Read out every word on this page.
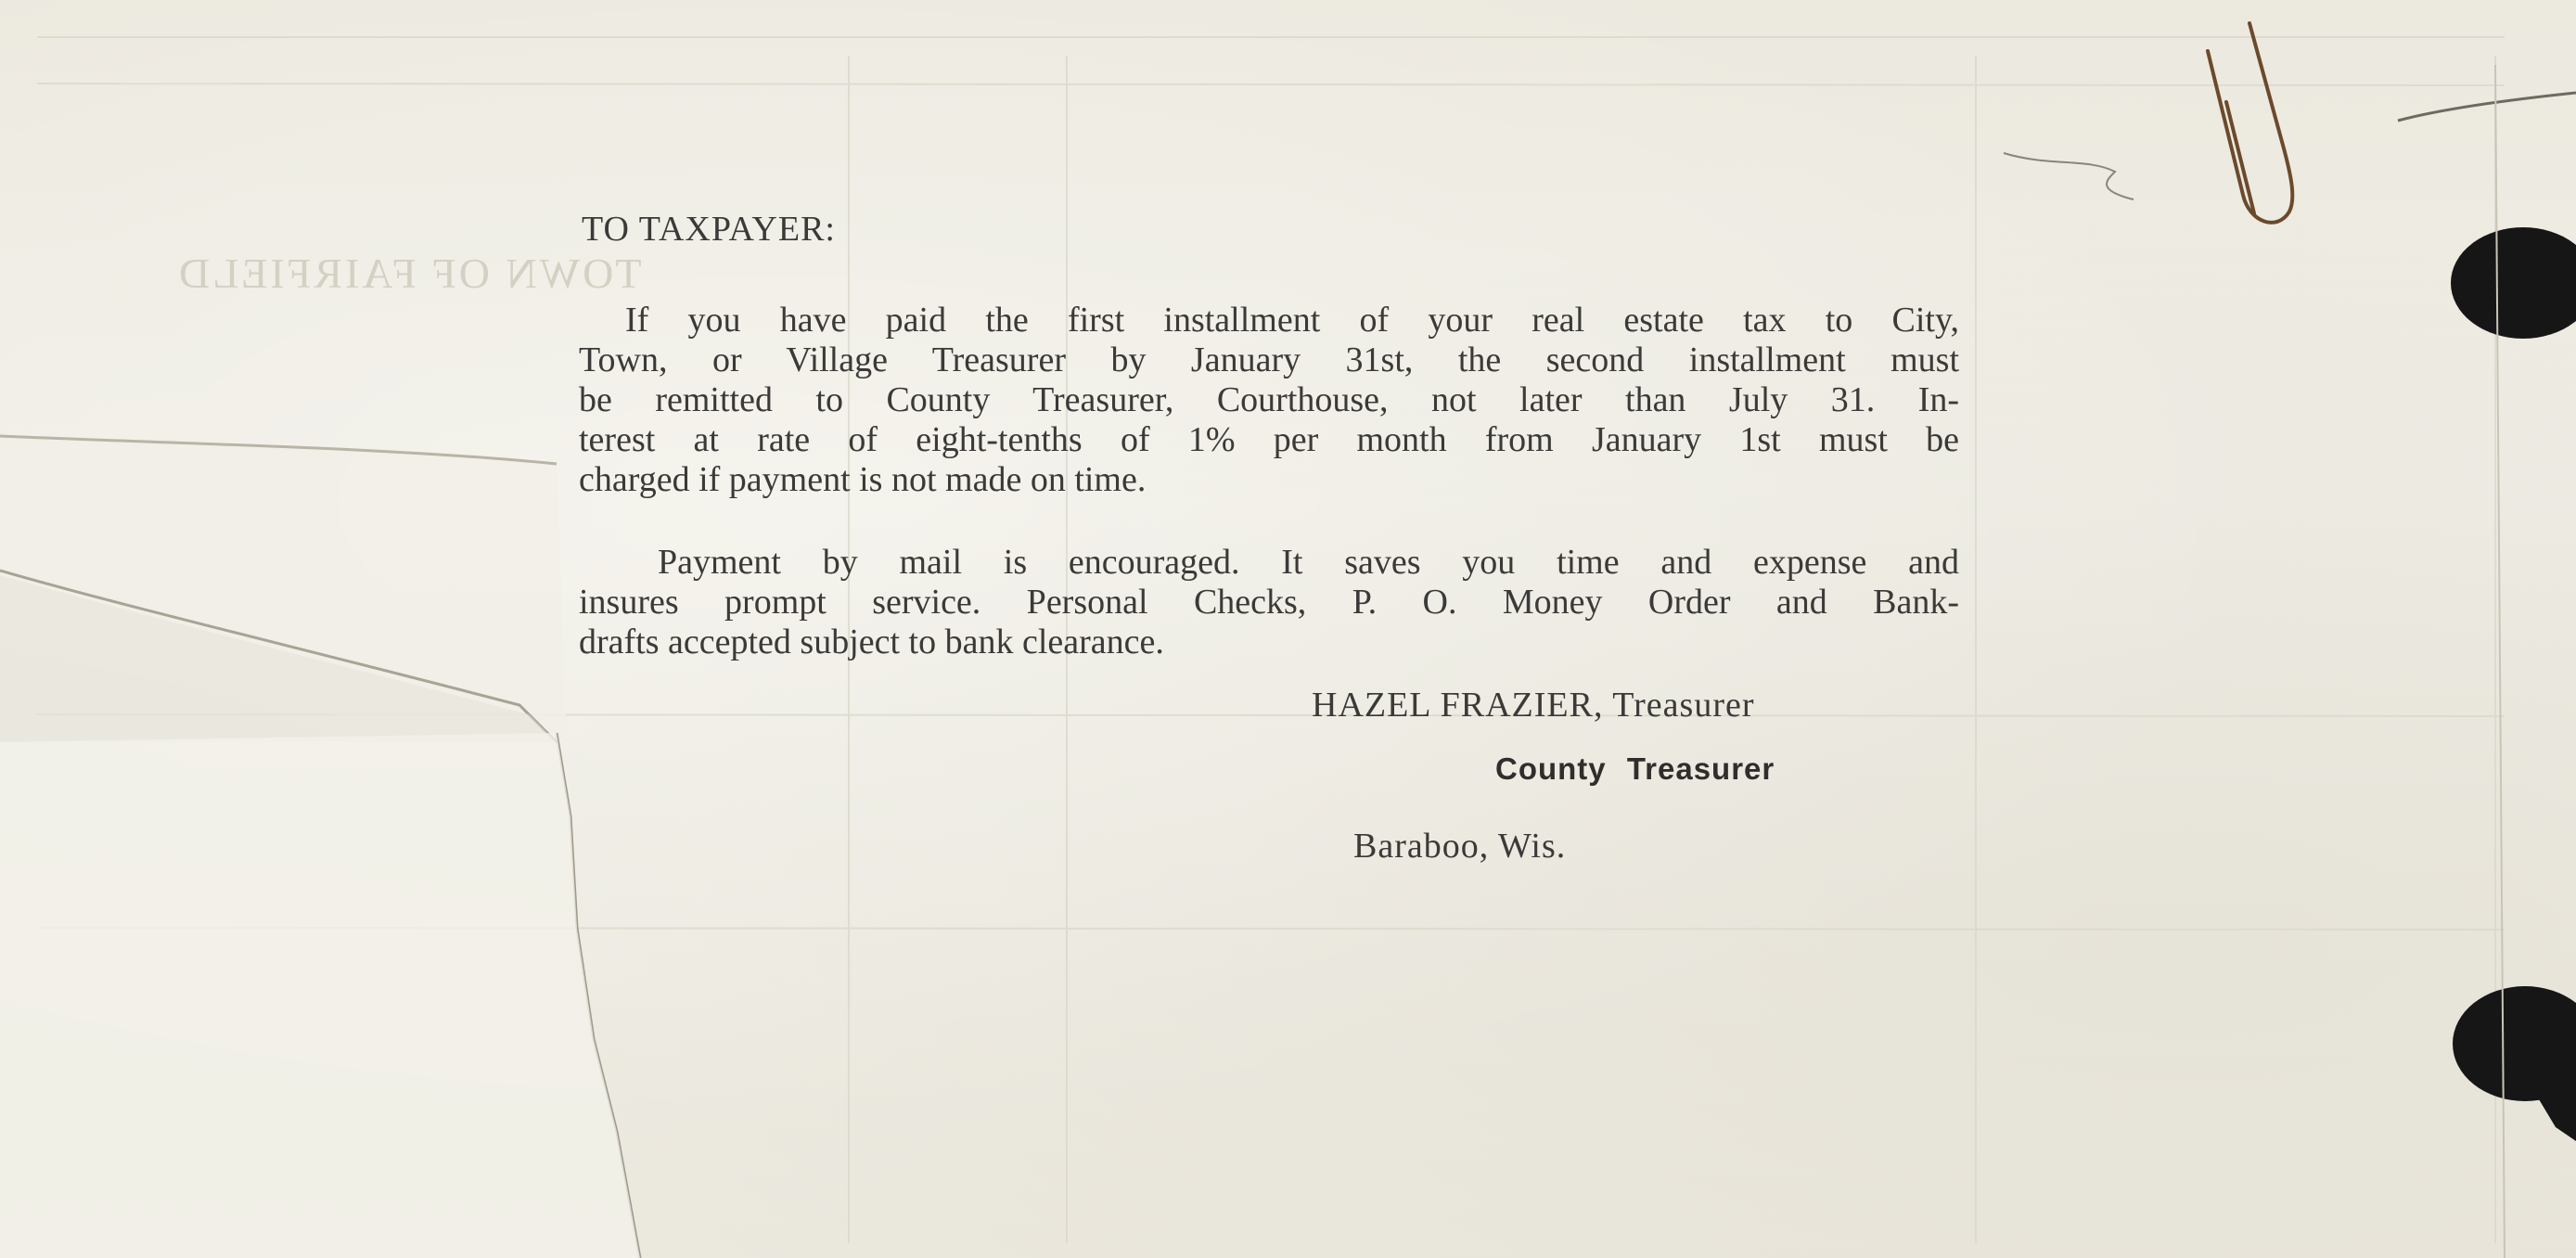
TOWN OF FAIRFIELD
TO TAXPAYER:
If you have paid the first installment of your real estate tax to City,
Town, or Village Treasurer by January 31st, the second installment must
be remitted to County Treasurer, Courthouse, not later than July 31. In-
terest at rate of eight-tenths of 1% per month from January 1st must be
charged if payment is not made on time.
Payment by mail is encouraged. It saves you time and expense and
insures prompt service. Personal Checks, P. O. Money Order and Bank-
drafts accepted subject to bank clearance.
HAZEL FRAZIER, Treasurer
County Treasurer
Baraboo, Wis.
